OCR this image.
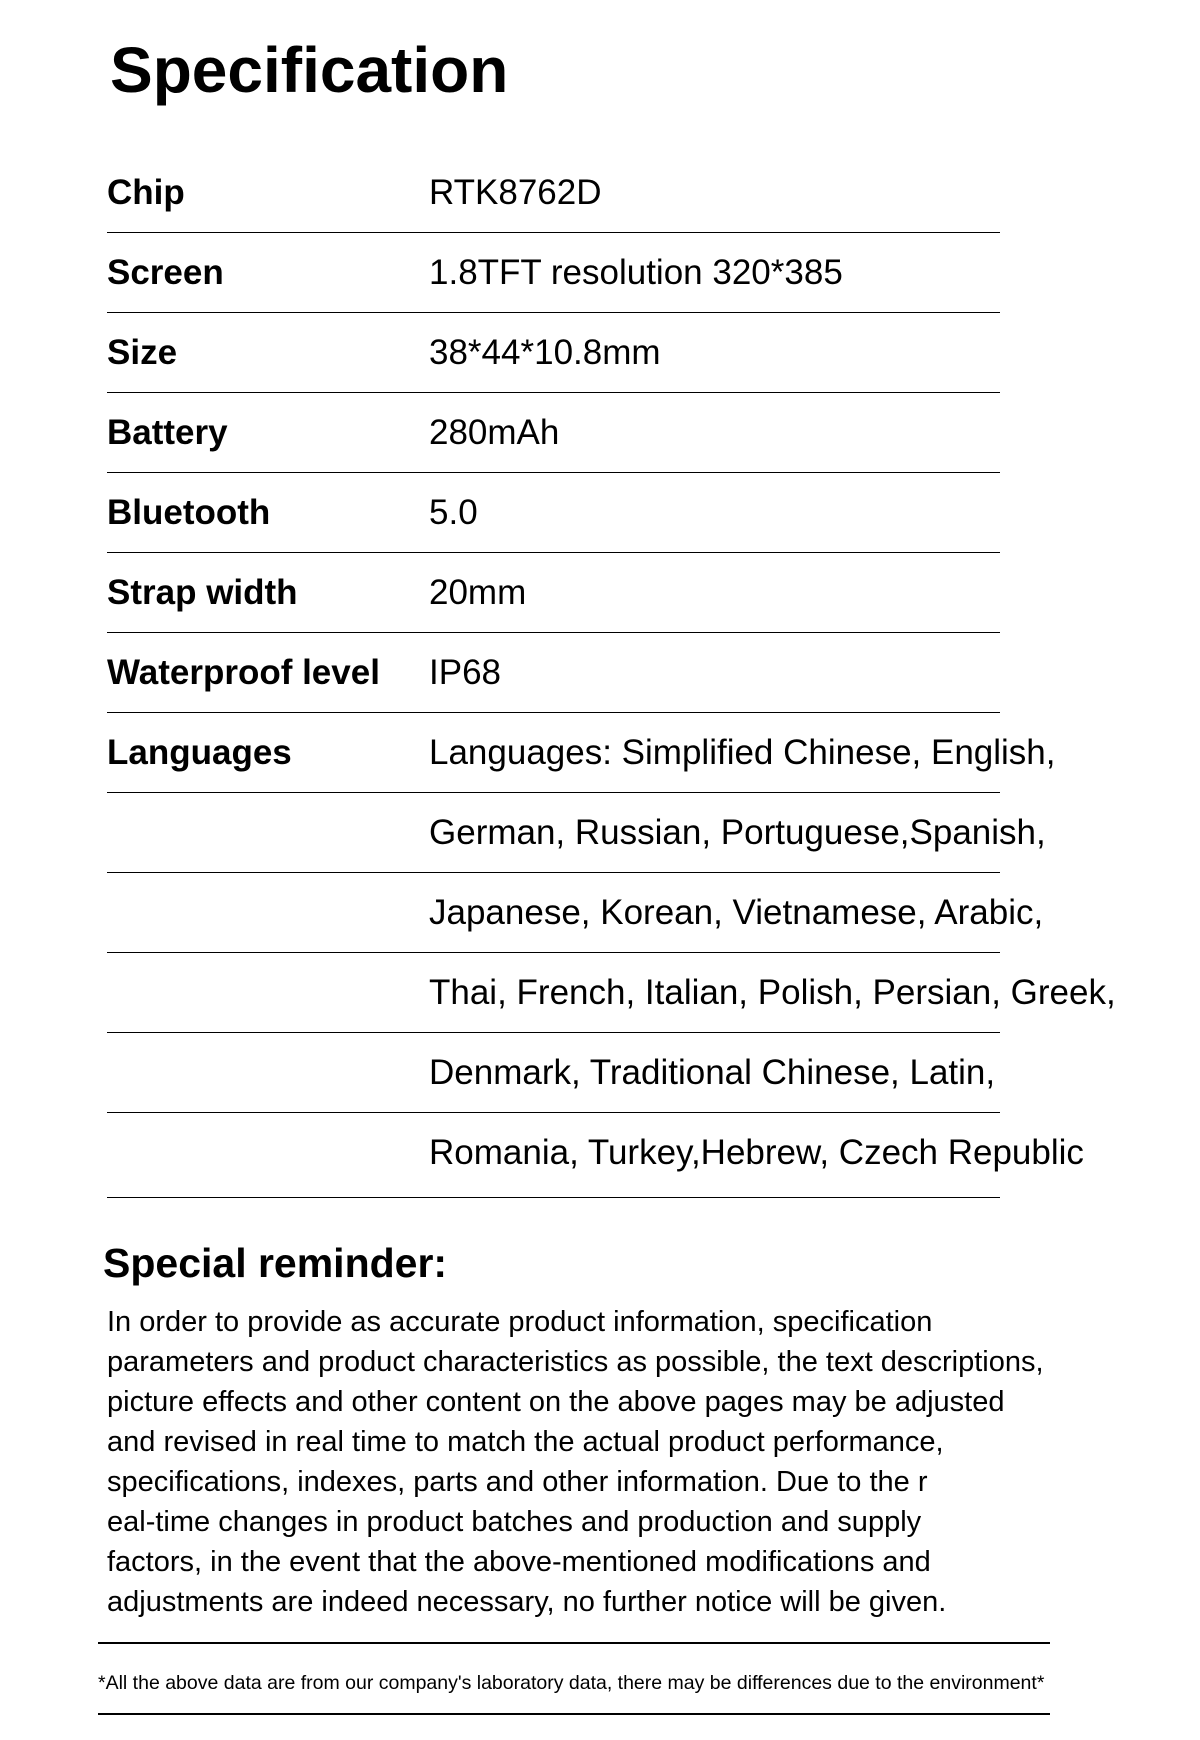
Specification
Chip	RTK8762D
Screen	1.8TFT resolution 320*385
Size	38*44*10.8mm
Battery	280mAh
Bluetooth	5.0
Strap width	20mm
Waterproof level IP68
Languages	Languages: Simplified Chinese, English,
German, Russian, Portuguese,Spanish,
Japanese, Korean, Vietnamese, Arabic,
Thai, French, Italian, Polish, Persian, Greek,
Denmark, Traditional Chinese, Latin,
Romania, Turkey,Hebrew, Czech Republic
Special reminder:
In order to provide as accurate product information, specification
parameters and product characteristics as possible, the text descriptions,
picture effects and other content on the above pages may be adjusted
and revised in real time to match the actual product performance,
specifications, indexes, parts and other information. Due to the r
eal-time changes in product batches and production and supply
factors, in the event that the above-mentioned modifications and
adjustments are indeed necessary, no further notice will be given.
*All the above data are from our company's laboratory data, there may be differences due to the environment*
